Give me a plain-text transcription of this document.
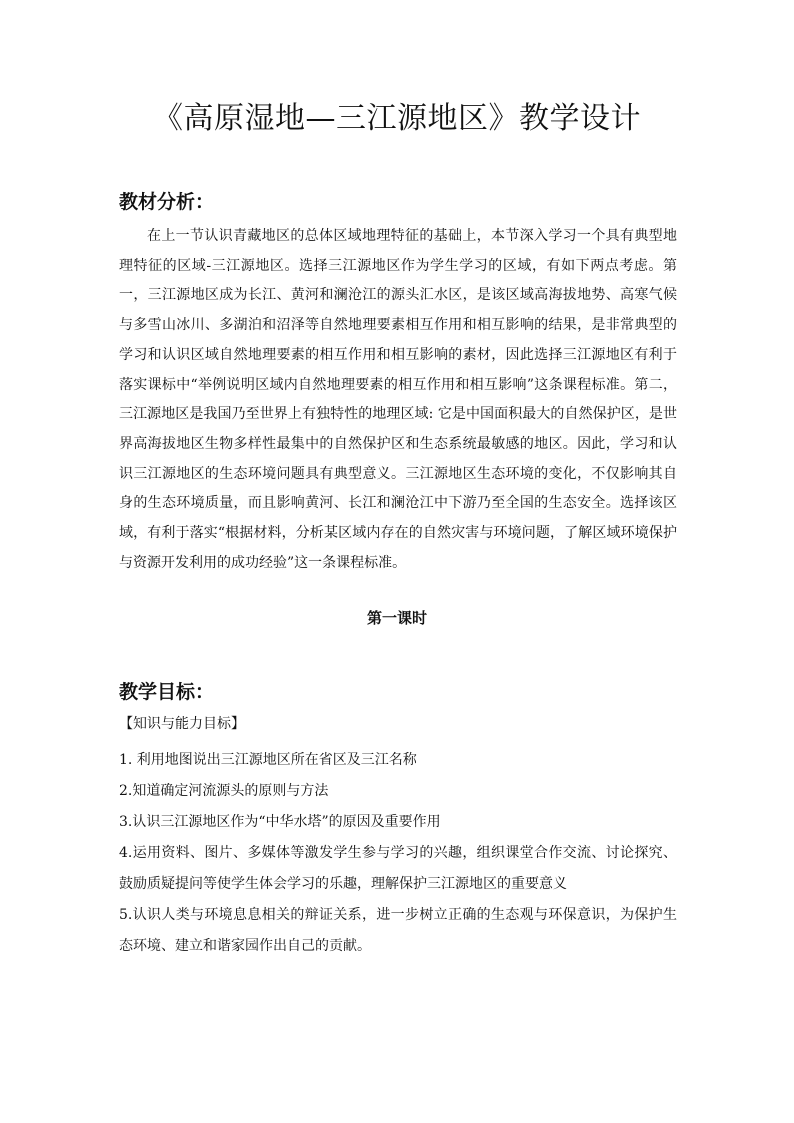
《高原湿地—三江源地区》教学设计
教材分析：

在上一节认识青藏地区的总体区域地理特征的基础上，本节深入学习一个具有典型地理特征的区域-三江源地区。选择三江源地区作为学生学习的区域，有如下两点考虑。第一，三江源地区成为长江、黄河和澜沧江的源头汇水区，是该区域高海拔地势、高寒气候与多雪山冰川、多湖泊和沼泽等自然地理要素相互作用和相互影响的结果，是非常典型的学习和认识区域自然地理要素的相互作用和相互影响的素材，因此选择三江源地区有利于落实课标中“举例说明区域内自然地理要素的相互作用和相互影响”这条课程标准。第二，三江源地区是我国乃至世界上有独特性的地理区域: 它是中国面积最大的自然保护区，是世界高海拔地区生物多样性最集中的自然保护区和生态系统最敏感的地区。因此，学习和认识三江源地区的生态环境问题具有典型意义。三江源地区生态环境的变化，不仅影响其自身的生态环境质量，而且影响黄河、长江和澜沧江中下游乃至全国的生态安全。选择该区域，有利于落实“根据材料，分析某区域内存在的自然灾害与环境问题，了解区域环境保护与资源开发利用的成功经验”这一条课程标准。

第一课时
教学目标：
【知识与能力目标】
1. 利用地图说出三江源地区所在省区及三江名称
2.知道确定河流源头的原则与方法
3.认识三江源地区作为“中华水塔”的原因及重要作用
4.运用资料、图片、多媒体等激发学生参与学习的兴趣，组织课堂合作交流、讨论探究、鼓励质疑提问等使学生体会学习的乐趣，理解保护三江源地区的重要意义
5.认识人类与环境息息相关的辩证关系，进一步树立正确的生态观与环保意识，为保护生态环境、建立和谐家园作出自己的贡献。
